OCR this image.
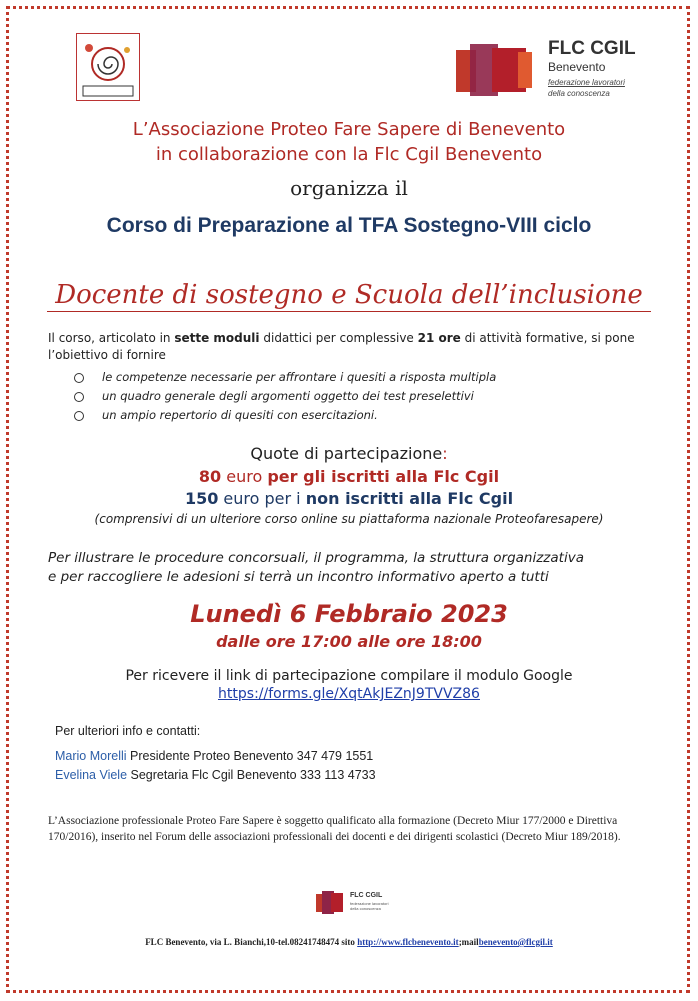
FLC CGIL
Benevento
federazione lavoratori
della conoscenza
L’Associazione Proteo Fare Sapere di Benevento
in collaborazione con la Flc Cgil Benevento
organizza il
Corso di Preparazione al TFA Sostegno-VIII ciclo
Docente di sostegno e Scuola dell’inclusione
Il corso, articolato in sette moduli didattici per complessive 21 ore di attività formative, si pone l’obiettivo di fornire
le competenze necessarie per affrontare i quesiti a risposta multipla
un quadro generale degli argomenti oggetto dei test preselettivi
un ampio repertorio di quesiti con esercitazioni.
Quote di partecipazione:
80 euro per gli iscritti alla Flc Cgil
150 euro per i non iscritti alla Flc Cgil
(comprensivi di un ulteriore corso online su piattaforma nazionale Proteofaresapere)
Per illustrare le procedure concorsuali, il programma, la struttura organizzativa
e per raccogliere le adesioni si terrà un incontro informativo aperto a tutti
Lunedì 6 Febbraio 2023
dalle ore 17:00 alle ore 18:00
Per ricevere il link di partecipazione compilare il modulo Google
https://forms.gle/XqtAkJEZnJ9TVVZ86
Per ulteriori info e contatti:
Mario Morelli Presidente Proteo Benevento 347 479 1551
Evelina Viele Segretaria Flc Cgil Benevento 333 113 4733
L’Associazione professionale Proteo Fare Sapere è soggetto qualificato alla formazione (Decreto Miur 177/2000 e Direttiva 170/2016), inserito nel Forum delle associazioni professionali dei docenti e dei dirigenti scolastici (Decreto Miur 189/2018).
FLC CGIL
federazione lavoratori della conoscenza
FLC Benevento, via L. Bianchi,10-tel.08241748474 sito http://www.flcbenevento.it;mailbenevento@flcgil.it
